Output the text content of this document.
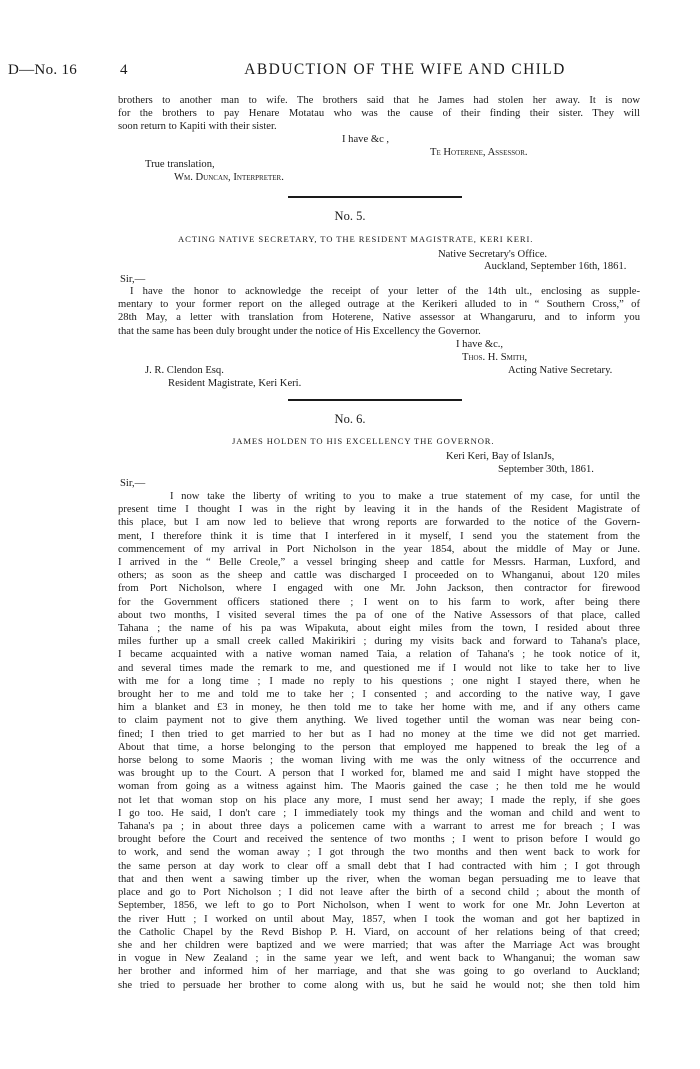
D—No. 16	4	ABDUCTION OF THE WIFE AND CHILD
brothers to another man to wife. The brothers said that he James had stolen her away. It is now
for the brothers to pay Henare Motatau who was the cause of their finding their sister. They will
soon return to Kapiti with their sister.
I have &c ,
Te Hoterene, Assessor.
True translation,
Wm. Duncan, Interpreter.
No. 5.
ACTING NATIVE SECRETARY, TO THE RESIDENT MAGISTRATE, KERI KERI.
Native Secretary's Office.
Auckland, September 16th, 1861.
Sir,—
I have the honor to acknowledge the receipt of your letter of the 14th ult., enclosing as supple-
mentary to your former report on the alleged outrage at the Kerikeri alluded to in “ Southern Cross,” of
28th May, a letter with translation from Hoterene, Native assessor at Whangaruru, and to inform you
that the same has been duly brought under the notice of His Excellency the Governor.
I have &c.,
Thos. H. Smith,
J. R. Clendon Esq.	Acting Native Secretary.
Resident Magistrate, Keri Keri.
No. 6.
JAMES HOLDEN TO HIS EXCELLENCY THE GOVERNOR.
Keri Keri, Bay of IslanJs,
September 30th, 1861.
Sir,—
I now take the liberty of writing to you to make a true statement of my case, for until the
present time I thought I was in the right by leaving it in the hands of the Resident Magistrate of
this place, but I am now led to believe that wrong reports are forwarded to the notice of the Govern-
ment, I therefore think it is time that I interfered in it myself, I send you the statement from the
commencement of my arrival in Port Nicholson in the year 1854, about the middle of May or June.
I arrived in the “ Belle Creole,” a vessel bringing sheep and cattle for Messrs. Harman, Luxford, and
others; as soon as the sheep and cattle was discharged I proceeded on to Whanganui, about 120 miles
from Port Nicholson, where I engaged with one Mr. John Jackson, then contractor for firewood
for the Government officers stationed there ; I went on to his farm to work, after being there
about two months, I visited several times the pa of one of the Native Assessors of that place, called
Tahana ; the name of his pa was Wipakuta, about eight miles from the town, I resided about three
miles further up a small creek called Makirikiri ; during my visits back and forward to Tahana's place,
I became acquainted with a native woman named Taia, a relation of Tahana's ; he took notice of it,
and several times made the remark to me, and questioned me if I would not like to take her to live
with me for a long time ; I made no reply to his questions ; one night I stayed there, when he
brought her to me and told me to take her ; I consented ; and according to the native way, I gave
him a blanket and £3 in money, he then told me to take her home with me, and if any others came
to claim payment not to give them anything. We lived together until the woman was near being con-
fined; I then tried to get married to her but as I had no money at the time we did not get married.
About that time, a horse belonging to the person that employed me happened to break the leg of a
horse belong to some Maoris ; the woman living with me was the only witness of the occurrence and
was brought up to the Court. A person that I worked for, blamed me and said I might have stopped the
woman from going as a witness against him. The Maoris gained the case ; he then told me he would
not let that woman stop on his place any more, I must send her away; I made the reply, if she goes
I go too. He said, I don't care ; I immediately took my things and the woman and child and went to
Tahana's pa ; in about three days a policemen came with a warrant to arrest me for breach ; I was
brought before the Court and received the sentence of two months ; I went to prison before I would go
to work, and send the woman away ; I got through the two months and then went back to work for
the same person at day work to clear off a small debt that I had contracted with him ; I got through
that and then went a sawing timber up the river, when the woman began persuading me to leave that
place and go to Port Nicholson ; I did not leave after the birth of a second child ; about the month of
September, 1856, we left to go to Port Nicholson, when I went to work for one Mr. John Leverton at
the river Hutt ; I worked on until about May, 1857, when I took the woman and got her baptized in
the Catholic Chapel by the Revd Bishop P. H. Viard, on account of her relations being of that creed;
she and her children were baptized and we were married; that was after the Marriage Act was brought
in vogue in New Zealand ; in the same year we left, and went back to Whanganui; the woman saw
her brother and informed him of her marriage, and that she was going to go overland to Auckland;
she tried to persuade her brother to come along with us, but he said he would not; she then told him
